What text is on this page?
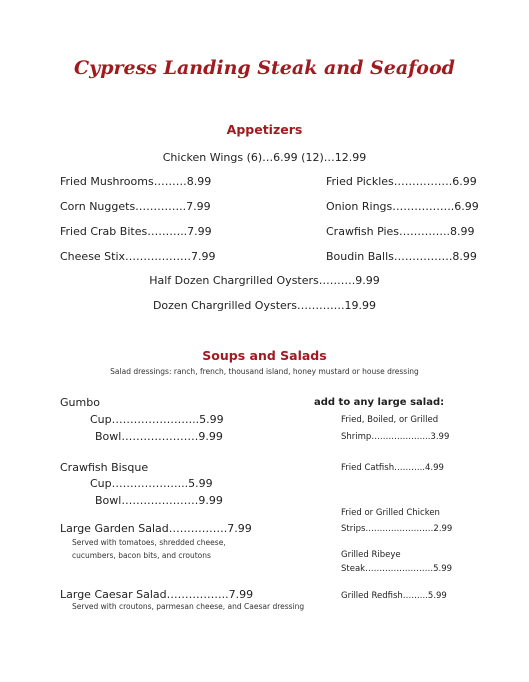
Cypress Landing Steak and Seafood
Appetizers
Chicken Wings (6)…6.99 (12)…12.99
Fried Mushrooms………8.99
Corn Nuggets…………..7.99
Fried Crab Bites………..7.99
Cheese Stix………………7.99
Fried Pickles…………….6.99
Onion Rings……………..6.99
Crawfish Pies…………..8.99
Boudin Balls…………….8.99
Half Dozen Chargrilled Oysters……….9.99
Dozen Chargrilled Oysters………….19.99
Soups and Salads
Salad dressings: ranch, french, thousand island, honey mustard or house dressing
Gumbo
Cup…………………...5.99
Bowl…………………9.99
Crawfish Bisque
Cup………………...5.99
Bowl…………………9.99
Large Garden Salad…………….7.99
Served with tomatoes, shredded cheese,
cucumbers, bacon bits, and croutons
Large Caesar Salad……………..7.99
Served with croutons, parmesan cheese, and Caesar dressing
add to any large salad:
Fried, Boiled, or Grilled
Shrimp………………...3.99
Fried Catfish………..4.99
Fried or Grilled Chicken
Strips……………………2.99
Grilled Ribeye
Steak……………………5.99
Grilled Redfish……...5.99
